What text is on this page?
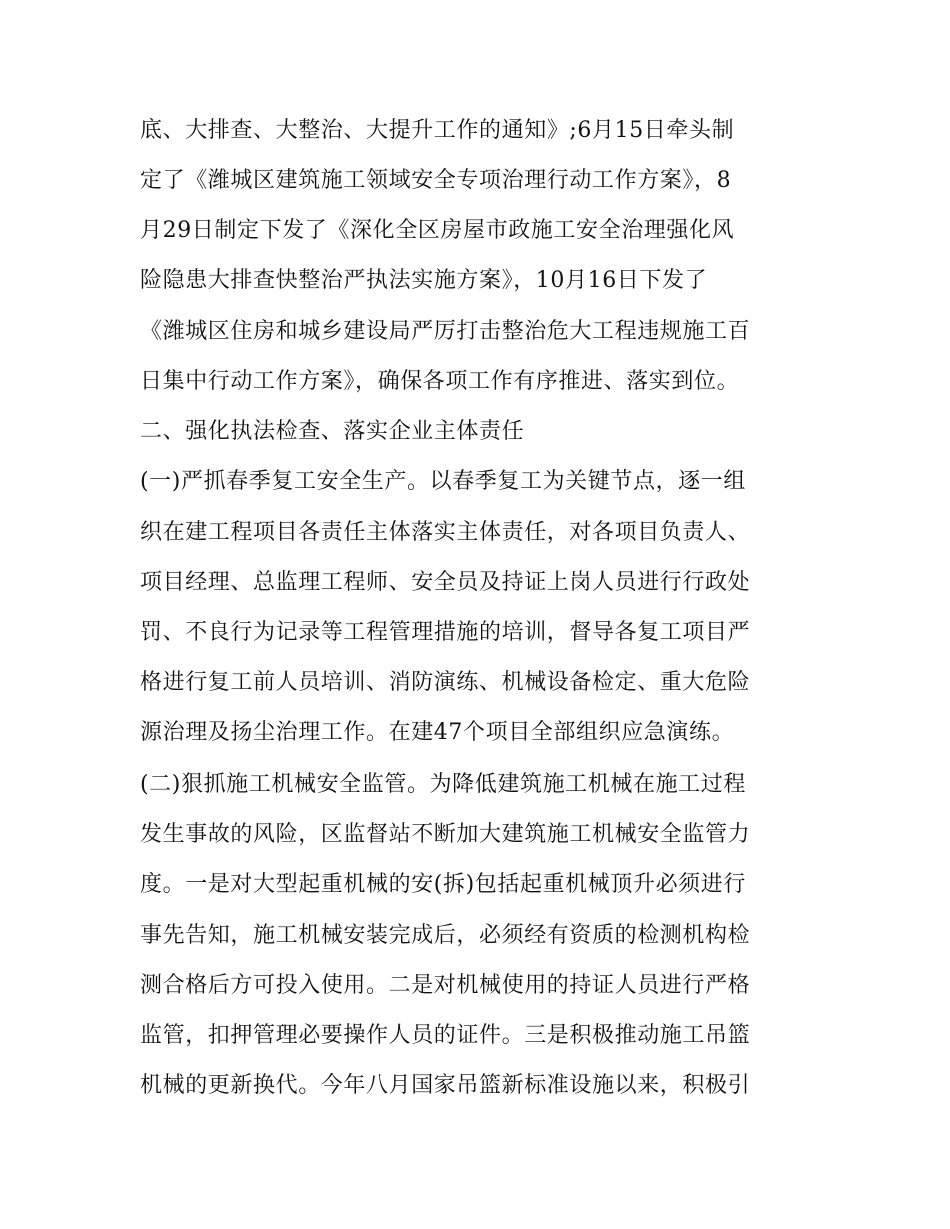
底、大排查、大整治、大提升工作的通知》;6月15日牵头制

定了《潍城区建筑施工领域安全专项治理行动工作方案》，8

月29日制定下发了《深化全区房屋市政施工安全治理强化风

险隐患大排查快整治严执法实施方案》，10月16日下发了

《潍城区住房和城乡建设局严厉打击整治危大工程违规施工百

日集中行动工作方案》，确保各项工作有序推进、落实到位。

二、强化执法检查、落实企业主体责任

(一)严抓春季复工安全生产。以春季复工为关键节点，逐一组

织在建工程项目各责任主体落实主体责任，对各项目负责人、

项目经理、总监理工程师、安全员及持证上岗人员进行行政处

罚、不良行为记录等工程管理措施的培训，督导各复工项目严

格进行复工前人员培训、消防演练、机械设备检定、重大危险

源治理及扬尘治理工作。在建47个项目全部组织应急演练。

(二)狠抓施工机械安全监管。为降低建筑施工机械在施工过程

发生事故的风险，区监督站不断加大建筑施工机械安全监管力

度。一是对大型起重机械的安(拆)包括起重机械顶升必须进行

事先告知，施工机械安装完成后，必须经有资质的检测机构检

测合格后方可投入使用。二是对机械使用的持证人员进行严格

监管，扣押管理必要操作人员的证件。三是积极推动施工吊篮

机械的更新换代。今年八月国家吊篮新标准设施以来，积极引
